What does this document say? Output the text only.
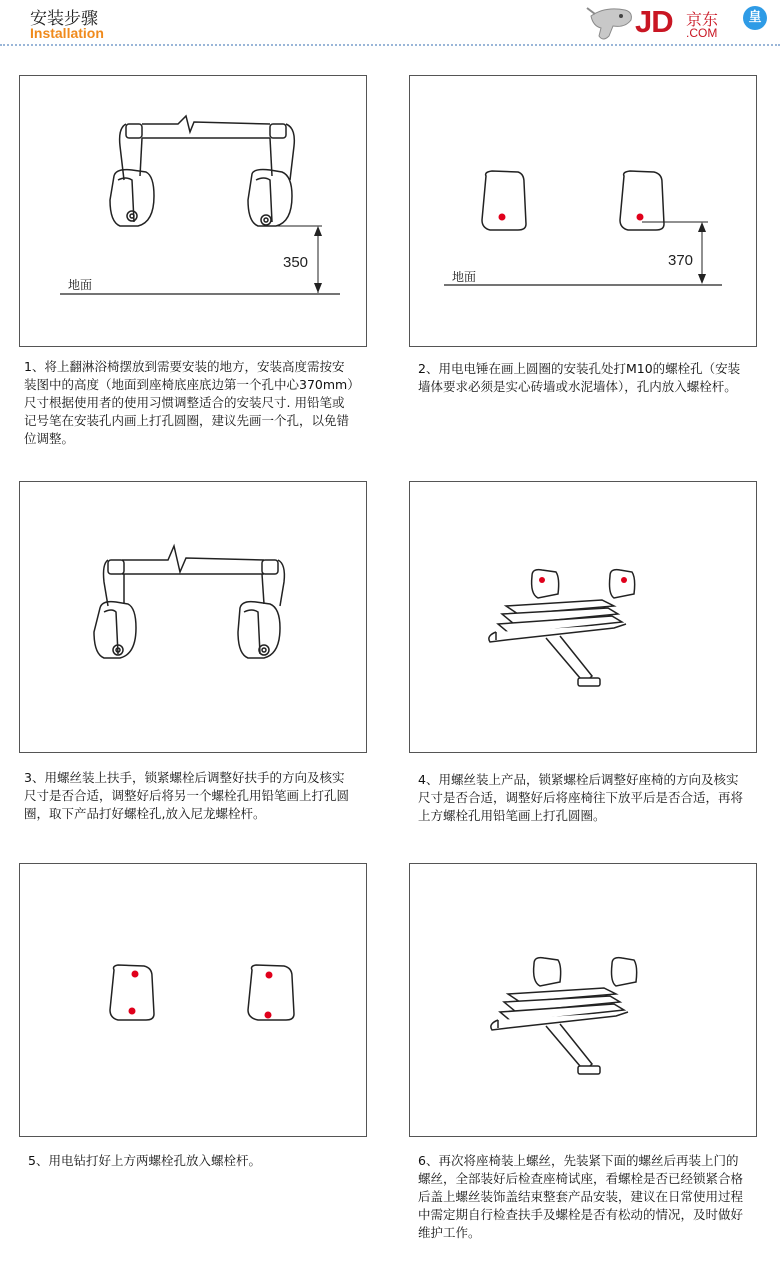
安装步骤
Installation	JD 京东
.COM
皇
350
地面
1、将上翻淋浴椅摆放到需要安装的地方，安装高度需按安装图中的高度（地面到座椅底座底边第一个孔中心370mm）尺寸根据使用者的使用习惯调整适合的安装尺寸. 用铅笔或记号笔在安装孔内画上打孔圆圈，建议先画一个孔，以免错位调整。
370
地面
2、用电电锤在画上圆圈的安装孔处打M10的螺栓孔（安装墙体要求必须是实心砖墙或水泥墙体），孔内放入螺栓杆。
3、用螺丝装上扶手，锁紧螺栓后调整好扶手的方向及核实尺寸是否合适，调整好后将另一个螺栓孔用铅笔画上打孔圆圈，取下产品打好螺栓孔,放入尼龙螺栓杆。
4、用螺丝装上产品，锁紧螺栓后调整好座椅的方向及核实尺寸是否合适，调整好后将座椅往下放平后是否合适，再将上方螺栓孔用铅笔画上打孔圆圈。
5、用电钻打好上方两螺栓孔放入螺栓杆。	6、再次将座椅装上螺丝，先装紧下面的螺丝后再装上门的螺丝，全部装好后检查座椅试座，看螺栓是否已经锁紧合格后盖上螺丝装饰盖结束整套产品安装，建议在日常使用过程中需定期自行检查扶手及螺栓是否有松动的情况，及时做好维护工作。
